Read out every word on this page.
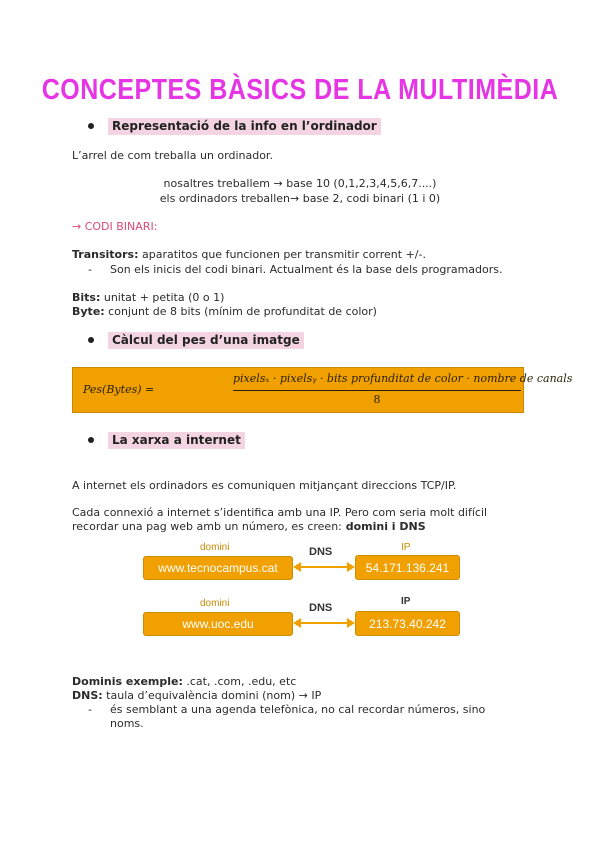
CONCEPTES BÀSICS DE LA MULTIMÈDIA
Representació de la info en l’ordinador
L’arrel de com treballa un ordinador.
nosaltres treballem → base 10 (0,1,2,3,4,5,6,7....)
els ordinadors treballen→ base 2, codi binari (1 i 0)
→ CODI BINARI:
Transitors: aparatitos que funcionen per transmitir corrent +/-.
- Son els inicis del codi binari. Actualment és la base dels programadors.
Bits: unitat + petita (0 o 1)
Byte: conjunt de 8 bits (mínim de profunditat de color)
Càlcul del pes d’una imatge
Pes(Bytes) =
pixelsₓ · pixelsᵧ · bits profunditat de color · nombre de canals
8
La xarxa a internet
A internet els ordinadors es comuniquen mitjançant direccions TCP/IP.
Cada connexió a internet s’identifica amb una IP. Pero com seria molt difícil
recordar una pag web amb un número, es creen: domini i DNS
domini	IP
www.tecnocampus.cat
DNS
54.171.136.241
domini	IP
www.uoc.edu
DNS
213.73.40.242
Dominis exemple: .cat, .com, .edu, etc
DNS: taula d’equivalència domini (nom) → IP
- és semblant a una agenda telefònica, no cal recordar números, sino
noms.
